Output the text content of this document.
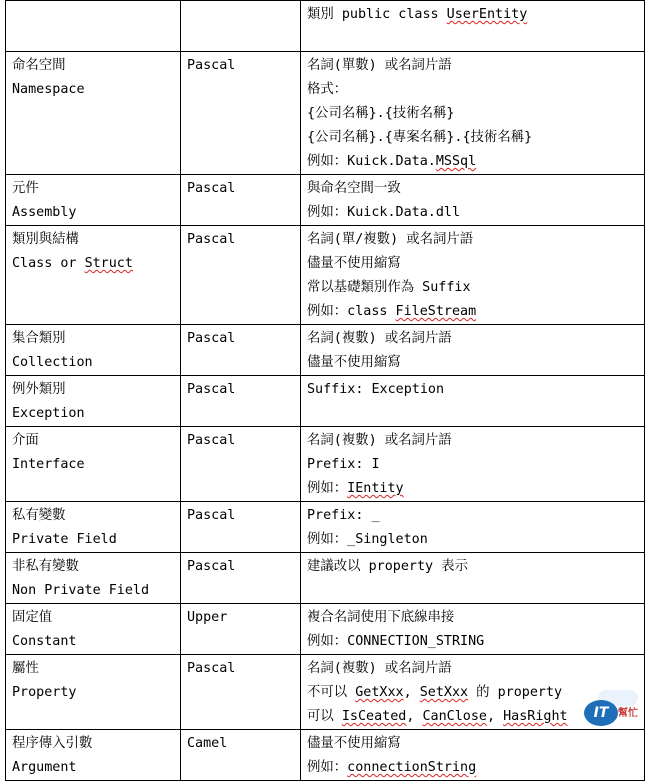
		類別 public class UserEntity

命名空間
Namespace	Pascal	名詞(單數) 或名詞片語
格式：
{公司名稱}.{技術名稱}
{公司名稱}.{專案名稱}.{技術名稱}
例如：Kuick.Data.MSSql

元件
Assembly	Pascal	與命名空間一致
例如：Kuick.Data.dll

類別與結構
Class or Struct	Pascal	名詞(單/複數) 或名詞片語
儘量不使用縮寫
常以基礎類別作為 Suffix
例如：class FileStream

集合類別
Collection	Pascal	名詞(複數) 或名詞片語
儘量不使用縮寫

例外類別
Exception	Pascal	Suffix: Exception

介面
Interface	Pascal	名詞(複數) 或名詞片語
Prefix: I
例如：IEntity

私有變數
Private Field	Pascal	Prefix: _
例如：_Singleton

非私有變數
Non Private Field	Pascal	建議改以 property 表示

固定值
Constant	Upper	複合名詞使用下底線串接
例如：CONNECTION_STRING

屬性
Property	Pascal	名詞(複數) 或名詞片語
不可以 GetXxx, SetXxx 的 property
可以 IsCeated, CanClose, HasRight

程序傳入引數
Argument	Camel	儘量不使用縮寫
例如：connectionString
IT 幫忙
